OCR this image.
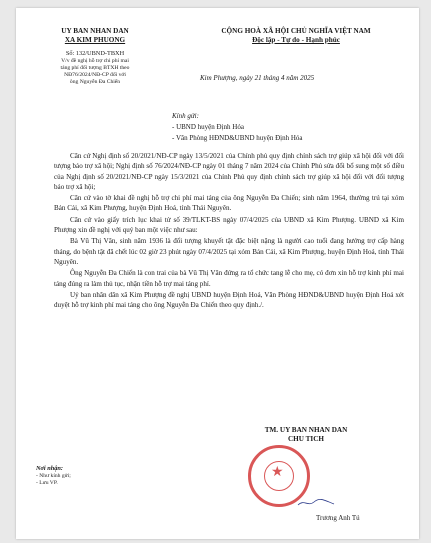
UY BAN NHAN DAN
XA KIM PHUONG
Số: 132/UBND-TBXH
V/v đề nghị hỗ trợ chi phí mai
táng phí đối tượng BTXH theo
NĐ76/2024/NĐ-CP đối với
ông Nguyễn Đa Chiến
CỘNG HOÀ XÃ HỘI CHỦ NGHĨA VIỆT NAM
Độc lập - Tự do - Hạnh phúc
Kim Phượng, ngày 21 tháng 4 năm 2025
Kính gửi:
- UBND huyện Định Hóa
- Văn Phòng HĐND&UBND huyện Định Hóa

Căn cứ Nghị định số 20/2021/NĐ-CP ngày 13/5/2021 của Chính phủ quy định chính sách trợ giúp xã hội đối với đối tượng bảo trợ xã hội; Nghị định số 76/2024/NĐ-CP ngày 01 tháng 7 năm 2024 của Chính Phủ sửa đổi bổ sung một số điều của Nghị định số 20/2021/NĐ-CP ngày 15/3/2021 của Chính Phủ quy định chính sách trợ giúp xã hội đối với đối tượng bảo trợ xã hội;

Căn cứ vào tờ khai đề nghị hỗ trợ chi phí mai táng của ông Nguyễn Đa Chiến; sinh năm 1964, thường trú tại xóm Bản Cải, xã Kim Phượng, huyện Định Hoá, tỉnh Thái Nguyên.

Căn cứ vào giấy trích lục khai tử số 39/TLKT-BS ngày 07/4/2025 của UBND xã Kim Phượng. UBND xã Kim Phượng xin đề nghị với quý ban một việc như sau:

Bà Vũ Thị Vân, sinh năm 1936 là đối tượng khuyết tật đặc biệt nặng là người cao tuổi đang hưởng trợ cấp hàng tháng, do bệnh tật đã chết lúc 02 giờ 23 phút ngày 07/4/2025 tại xóm Bản Cải, xã Kim Phượng, huyện Định Hoá, tỉnh Thái Nguyên.

Ông Nguyễn Đa Chiến là con trai của bà Vũ Thị Vân đứng ra tổ chức tang lễ cho mẹ, có đơn xin hỗ trợ kinh phí mai táng đúng ra làm thủ tục, nhận tiền hỗ trợ mai táng phí.

Uỷ ban nhân dân xã Kim Phượng đề nghị UBND huyện Định Hoá, Văn Phòng HĐND&UBND huyện Định Hoá xét duyệt hỗ trợ kinh phí mai táng cho ông Nguyễn Đa Chiến theo quy định./.

Nơi nhận:
- Như kính gửi;
- Lưu VP.
TM. UY BAN NHAN DAN
CHU TICH
★
Trương Anh Tú
